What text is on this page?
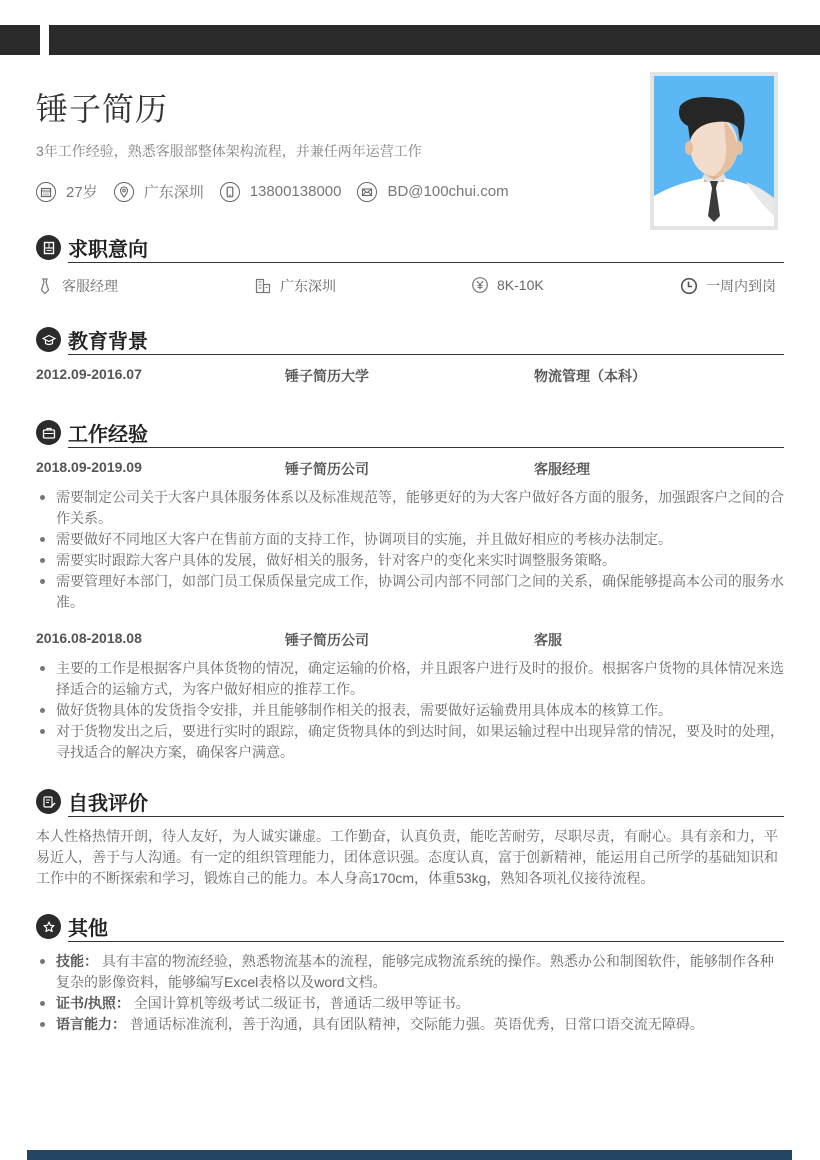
锤子简历
3年工作经验，熟悉客服部整体架构流程，并兼任两年运营工作
27岁	广东深圳	13800138000	BD@100chui.com
求职意向
客服经理	广东深圳	8K-10K	一周内到岗
教育背景
2012.09-2016.07	锤子简历大学	物流管理（本科）
工作经验
2018.09-2019.09	锤子简历公司	客服经理
需要制定公司关于大客户具体服务体系以及标准规范等，能够更好的为大客户做好各方面的服务，加强跟客户之间的合作关系。
需要做好不同地区大客户在售前方面的支持工作，协调项目的实施，并且做好相应的考核办法制定。
需要实时跟踪大客户具体的发展，做好相关的服务，针对客户的变化来实时调整服务策略。
需要管理好本部门，如部门员工保质保量完成工作，协调公司内部不同部门之间的关系，确保能够提高本公司的服务水准。
2016.08-2018.08	锤子简历公司	客服
主要的工作是根据客户具体货物的情况，确定运输的价格，并且跟客户进行及时的报价。根据客户货物的具体情况来选择适合的运输方式，为客户做好相应的推荐工作。
做好货物具体的发货指令安排，并且能够制作相关的报表，需要做好运输费用具体成本的核算工作。
对于货物发出之后，要进行实时的跟踪，确定货物具体的到达时间，如果运输过程中出现异常的情况，要及时的处理，寻找适合的解决方案，确保客户满意。
自我评价

本人性格热情开朗，待人友好，为人诚实谦虚。工作勤奋，认真负责，能吃苦耐劳，尽职尽责，有耐心。具有亲和力，平易近人，善于与人沟通。有一定的组织管理能力，团体意识强。态度认真，富于创新精神，能运用自己所学的基础知识和工作中的不断探索和学习，锻炼自己的能力。本人身高170cm，体重53kg，熟知各项礼仪接待流程。

其他
技能： 具有丰富的物流经验，熟悉物流基本的流程，能够完成物流系统的操作。熟悉办公和制图软件，能够制作各种复杂的影像资料，能够编写Excel表格以及word文档。
证书/执照： 全国计算机等级考试二级证书，普通话二级甲等证书。
语言能力： 普通话标准流利，善于沟通，具有团队精神，交际能力强。英语优秀，日常口语交流无障碍。
